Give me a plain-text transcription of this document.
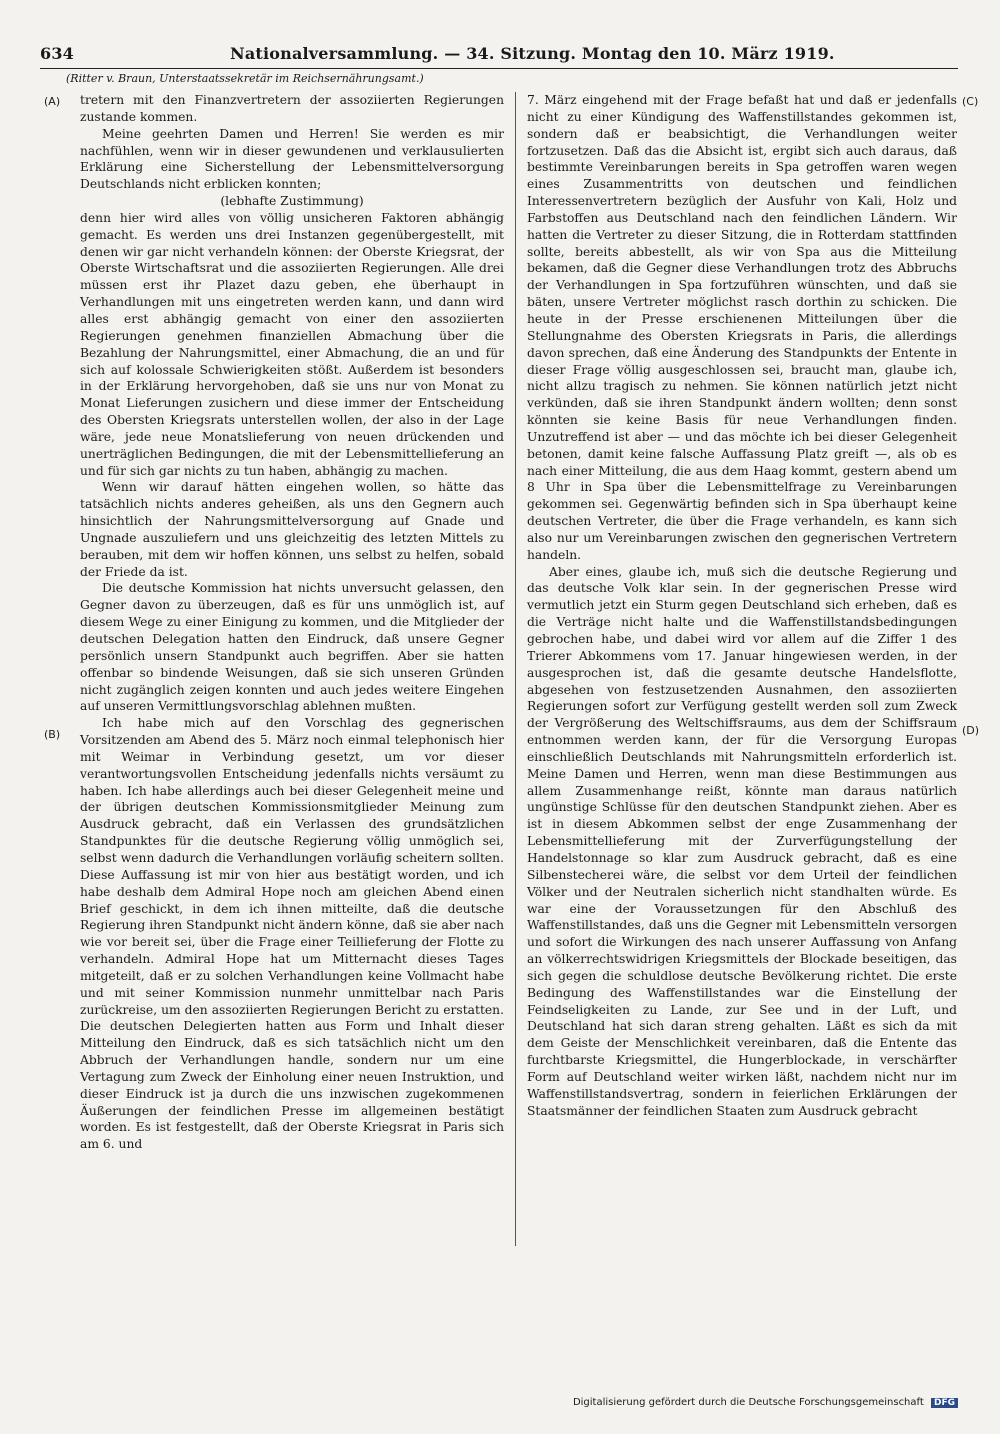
634	Nationalversammlung. — 34. Sitzung. Montag den 10. März 1919.
(Ritter v. Braun, Unterstaatssekretär im Reichsernährungsamt.)
(A)
(B)
(C)
(D)

tretern mit den Finanzvertretern der assoziierten Regierungen zustande kommen.

Meine geehrten Damen und Herren! Sie werden es mir nachfühlen, wenn wir in dieser gewundenen und verklausulierten Erklärung eine Sicherstellung der Lebensmittelversorgung Deutschlands nicht erblicken konnten;

(lebhafte Zustimmung)

denn hier wird alles von völlig unsicheren Faktoren abhängig gemacht. Es werden uns drei Instanzen gegenübergestellt, mit denen wir gar nicht verhandeln können: der Oberste Kriegsrat, der Oberste Wirtschaftsrat und die assoziierten Regierungen. Alle drei müssen erst ihr Plazet dazu geben, ehe überhaupt in Verhandlungen mit uns eingetreten werden kann, und dann wird alles erst abhängig gemacht von einer den assoziierten Regierungen genehmen finanziellen Abmachung über die Bezahlung der Nahrungsmittel, einer Abmachung, die an und für sich auf kolossale Schwierigkeiten stößt. Außerdem ist besonders in der Erklärung hervorgehoben, daß sie uns nur von Monat zu Monat Lieferungen zusichern und diese immer der Entscheidung des Obersten Kriegsrats unterstellen wollen, der also in der Lage wäre, jede neue Monatslieferung von neuen drückenden und unerträglichen Bedingungen, die mit der Lebensmittellieferung an und für sich gar nichts zu tun haben, abhängig zu machen.

Wenn wir darauf hätten eingehen wollen, so hätte das tatsächlich nichts anderes geheißen, als uns den Gegnern auch hinsichtlich der Nahrungsmittelversorgung auf Gnade und Ungnade auszuliefern und uns gleichzeitig des letzten Mittels zu berauben, mit dem wir hoffen können, uns selbst zu helfen, sobald der Friede da ist.

Die deutsche Kommission hat nichts unversucht gelassen, den Gegner davon zu überzeugen, daß es für uns unmöglich ist, auf diesem Wege zu einer Einigung zu kommen, und die Mitglieder der deutschen Delegation hatten den Eindruck, daß unsere Gegner persönlich unsern Standpunkt auch begriffen. Aber sie hatten offenbar so bindende Weisungen, daß sie sich unseren Gründen nicht zugänglich zeigen konnten und auch jedes weitere Eingehen auf unseren Vermittlungsvorschlag ablehnen mußten.

Ich habe mich auf den Vorschlag des gegnerischen Vorsitzenden am Abend des 5. März noch einmal telephonisch hier mit Weimar in Verbindung gesetzt, um vor dieser verantwortungsvollen Entscheidung jedenfalls nichts versäumt zu haben. Ich habe allerdings auch bei dieser Gelegenheit meine und der übrigen deutschen Kommissionsmitglieder Meinung zum Ausdruck gebracht, daß ein Verlassen des grundsätzlichen Standpunktes für die deutsche Regierung völlig unmöglich sei, selbst wenn dadurch die Verhandlungen vorläufig scheitern sollten. Diese Auffassung ist mir von hier aus bestätigt worden, und ich habe deshalb dem Admiral Hope noch am gleichen Abend einen Brief geschickt, in dem ich ihnen mitteilte, daß die deutsche Regierung ihren Standpunkt nicht ändern könne, daß sie aber nach wie vor bereit sei, über die Frage einer Teillieferung der Flotte zu verhandeln. Admiral Hope hat um Mitternacht dieses Tages mitgeteilt, daß er zu solchen Verhandlungen keine Vollmacht habe und mit seiner Kommission nunmehr unmittelbar nach Paris zurückreise, um den assoziierten Regierungen Bericht zu erstatten. Die deutschen Delegierten hatten aus Form und Inhalt dieser Mitteilung den Eindruck, daß es sich tatsächlich nicht um den Abbruch der Verhandlungen handle, sondern nur um eine Vertagung zum Zweck der Einholung einer neuen Instruktion, und dieser Eindruck ist ja durch die uns inzwischen zugekommenen Äußerungen der feindlichen Presse im allgemeinen bestätigt worden. Es ist festgestellt, daß der Oberste Kriegsrat in Paris sich am 6. und

7. März eingehend mit der Frage befaßt hat und daß er jedenfalls nicht zu einer Kündigung des Waffenstillstandes gekommen ist, sondern daß er beabsichtigt, die Verhandlungen weiter fortzusetzen. Daß das die Absicht ist, ergibt sich auch daraus, daß bestimmte Vereinbarungen bereits in Spa getroffen waren wegen eines Zusammentritts von deutschen und feindlichen Interessenvertretern bezüglich der Ausfuhr von Kali, Holz und Farbstoffen aus Deutschland nach den feindlichen Ländern. Wir hatten die Vertreter zu dieser Sitzung, die in Rotterdam stattfinden sollte, bereits abbestellt, als wir von Spa aus die Mitteilung bekamen, daß die Gegner diese Verhandlungen trotz des Abbruchs der Verhandlungen in Spa fortzuführen wünschten, und daß sie bäten, unsere Vertreter möglichst rasch dorthin zu schicken. Die heute in der Presse erschienenen Mitteilungen über die Stellungnahme des Obersten Kriegsrats in Paris, die allerdings davon sprechen, daß eine Änderung des Standpunkts der Entente in dieser Frage völlig ausgeschlossen sei, braucht man, glaube ich, nicht allzu tragisch zu nehmen. Sie können natürlich jetzt nicht verkünden, daß sie ihren Standpunkt ändern wollten; denn sonst könnten sie keine Basis für neue Verhandlungen finden. Unzutreffend ist aber — und das möchte ich bei dieser Gelegenheit betonen, damit keine falsche Auffassung Platz greift —, als ob es nach einer Mitteilung, die aus dem Haag kommt, gestern abend um 8 Uhr in Spa über die Lebensmittelfrage zu Vereinbarungen gekommen sei. Gegenwärtig befinden sich in Spa überhaupt keine deutschen Vertreter, die über die Frage verhandeln, es kann sich also nur um Vereinbarungen zwischen den gegnerischen Vertretern handeln.

Aber eines, glaube ich, muß sich die deutsche Regierung und das deutsche Volk klar sein. In der gegnerischen Presse wird vermutlich jetzt ein Sturm gegen Deutschland sich erheben, daß es die Verträge nicht halte und die Waffenstillstandsbedingungen gebrochen habe, und dabei wird vor allem auf die Ziffer 1 des Trierer Abkommens vom 17. Januar hingewiesen werden, in der ausgesprochen ist, daß die gesamte deutsche Handelsflotte, abgesehen von festzusetzenden Ausnahmen, den assoziierten Regierungen sofort zur Verfügung gestellt werden soll zum Zweck der Vergrößerung des Weltschiffsraums, aus dem der Schiffsraum entnommen werden kann, der für die Versorgung Europas einschließlich Deutschlands mit Nahrungsmitteln erforderlich ist. Meine Damen und Herren, wenn man diese Bestimmungen aus allem Zusammenhange reißt, könnte man daraus natürlich ungünstige Schlüsse für den deutschen Standpunkt ziehen. Aber es ist in diesem Abkommen selbst der enge Zusammenhang der Lebensmittellieferung mit der Zurverfügungstellung der Handelstonnage so klar zum Ausdruck gebracht, daß es eine Silbenstecherei wäre, die selbst vor dem Urteil der feindlichen Völker und der Neutralen sicherlich nicht standhalten würde. Es war eine der Voraussetzungen für den Abschluß des Waffenstillstandes, daß uns die Gegner mit Lebensmitteln versorgen und sofort die Wirkungen des nach unserer Auffassung von Anfang an völkerrechtswidrigen Kriegsmittels der Blockade beseitigen, das sich gegen die schuldlose deutsche Bevölkerung richtet. Die erste Bedingung des Waffenstillstandes war die Einstellung der Feindseligkeiten zu Lande, zur See und in der Luft, und Deutschland hat sich daran streng gehalten. Läßt es sich da mit dem Geiste der Menschlichkeit vereinbaren, daß die Entente das furchtbarste Kriegsmittel, die Hungerblockade, in verschärfter Form auf Deutschland weiter wirken läßt, nachdem nicht nur im Waffenstillstandsvertrag, sondern in feierlichen Erklärungen der Staatsmänner der feindlichen Staaten zum Ausdruck gebracht

Digitalisierung gefördert durch die Deutsche Forschungsgemeinschaft DFG
